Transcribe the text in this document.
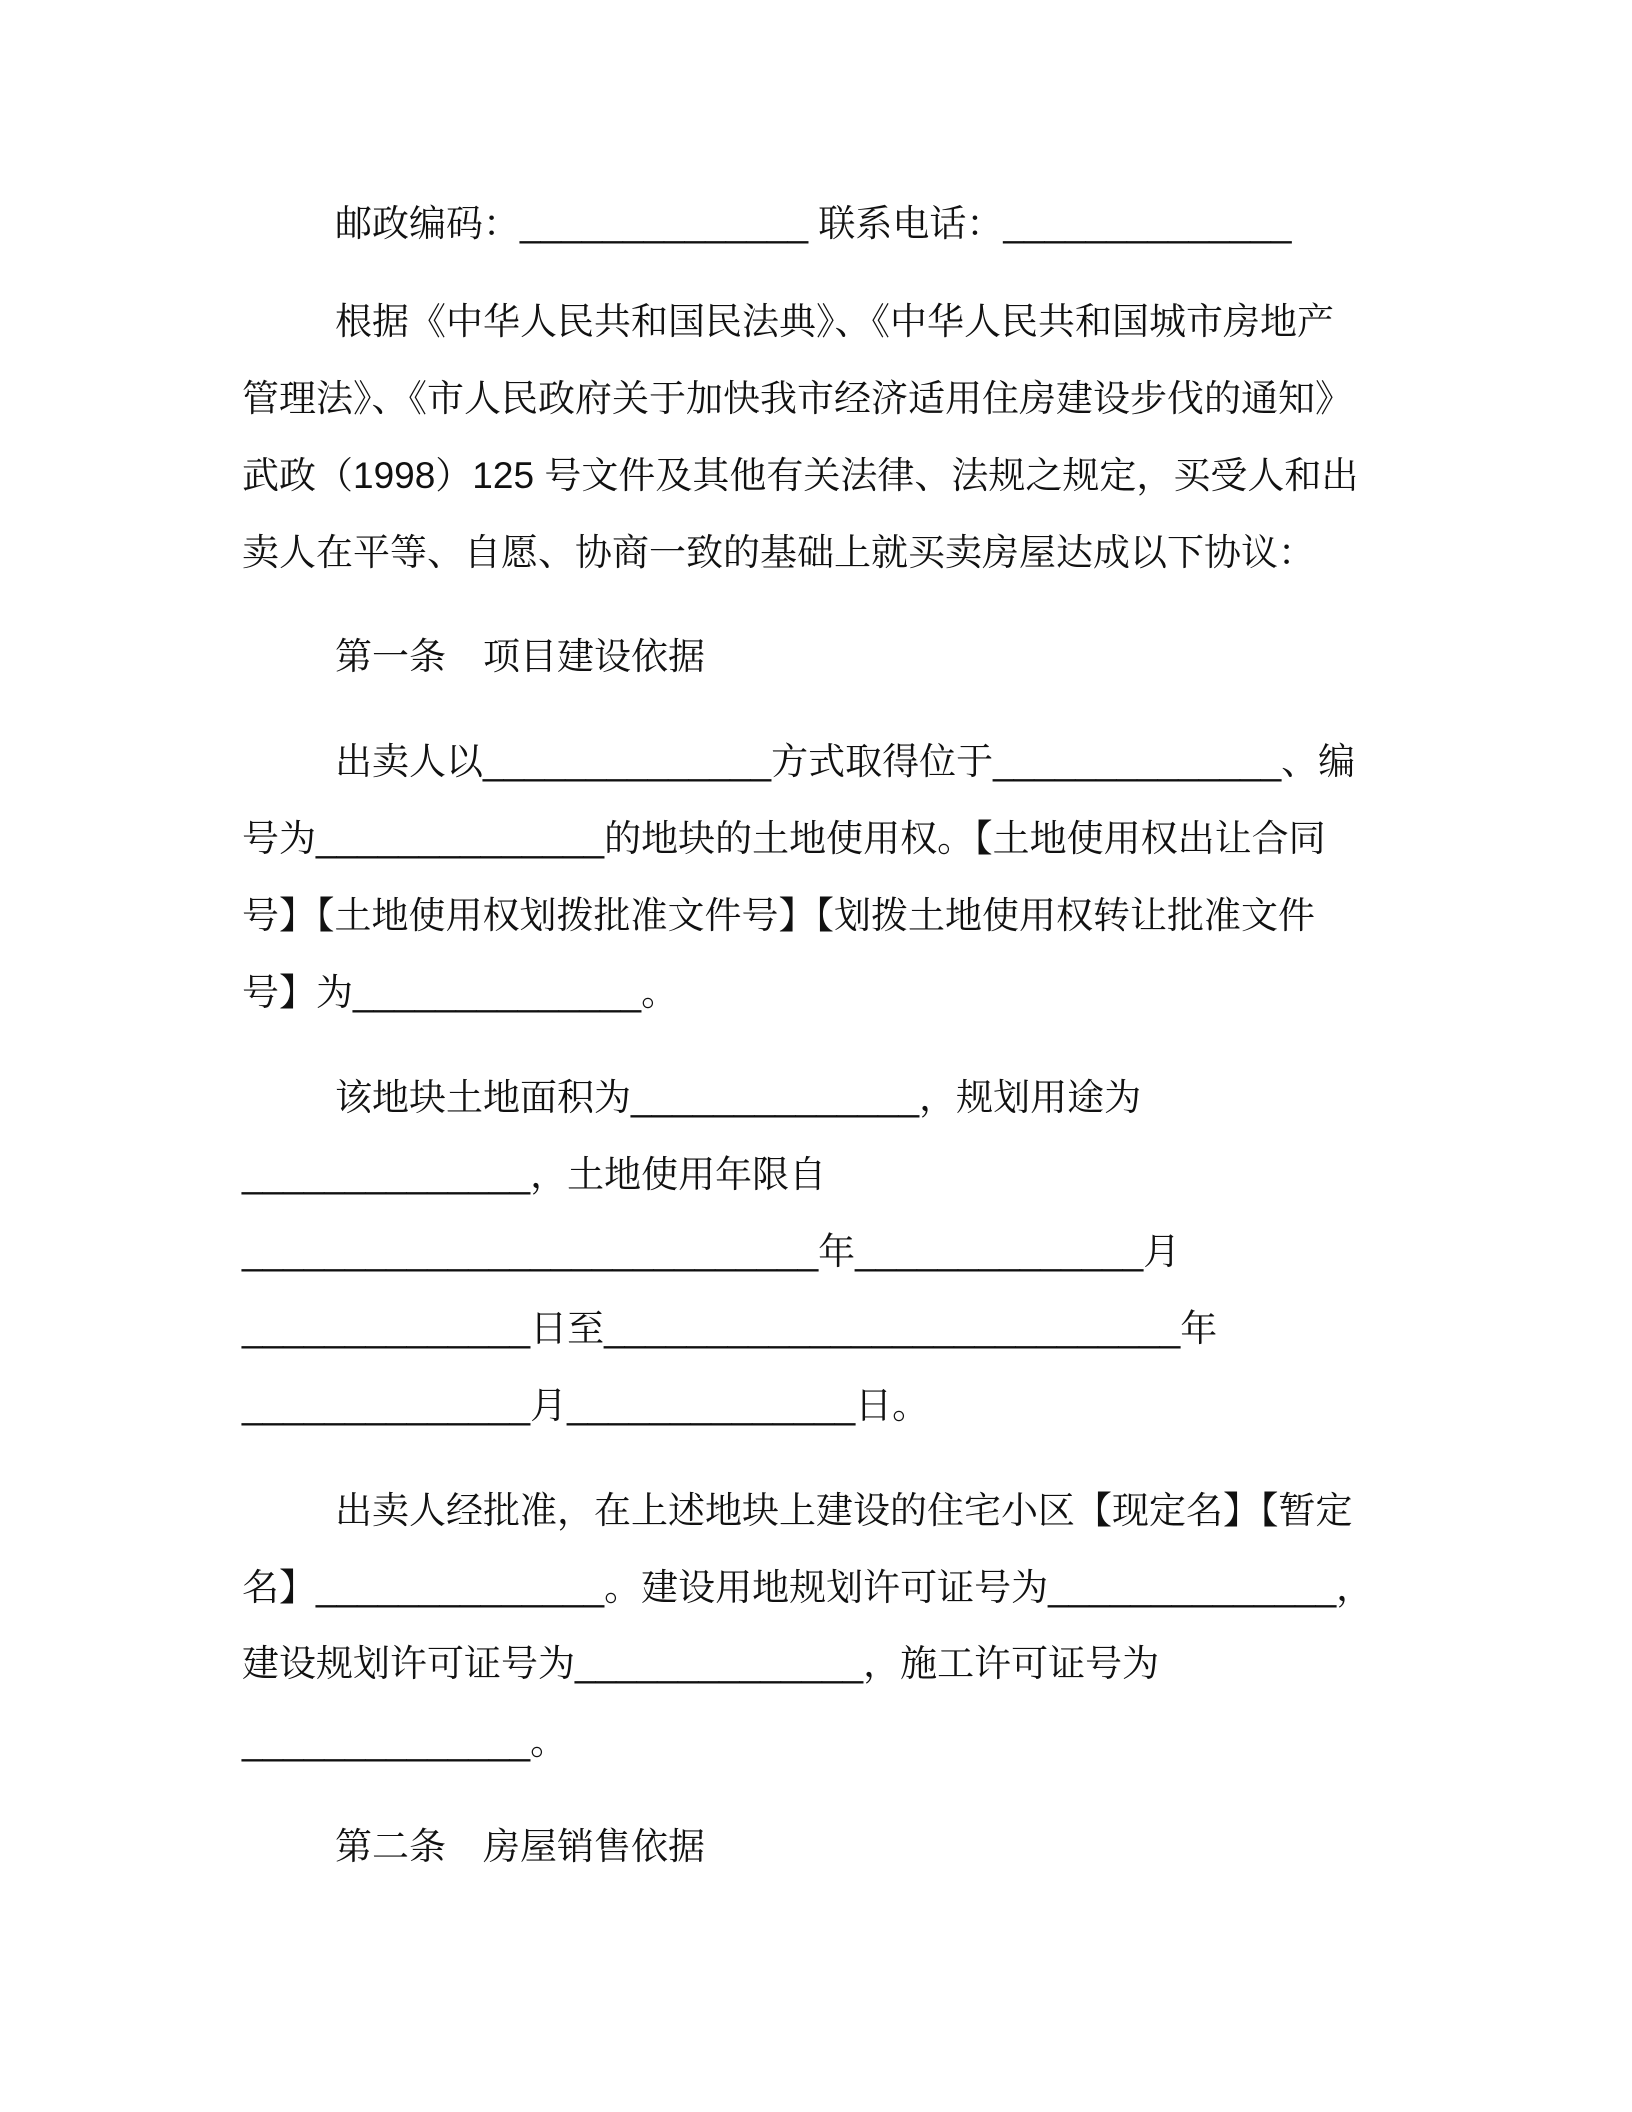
邮政编码：______________ 联系电话：______________
根据《中华人民共和国民法典》、《中华人民共和国城市房地产
管理法》、《市人民政府关于加快我市经济适用住房建设步伐的通知》
武政（1998）125 号文件及其他有关法律、法规之规定，买受人和出
卖人在平等、自愿、协商一致的基础上就买卖房屋达成以下协议：
第一条　项目建设依据
出卖人以______________方式取得位于______________、编
号为______________的地块的土地使用权。【土地使用权出让合同
号】【土地使用权划拨批准文件号】【划拨土地使用权转让批准文件
号】为______________。
该地块土地面积为______________，规划用途为
______________，土地使用年限自
____________________________年______________月
______________日至____________________________年
______________月______________日。
出卖人经批准，在上述地块上建设的住宅小区【现定名】【暂定
名】______________。建设用地规划许可证号为______________，
建设规划许可证号为______________，施工许可证号为
______________。
第二条　房屋销售依据
